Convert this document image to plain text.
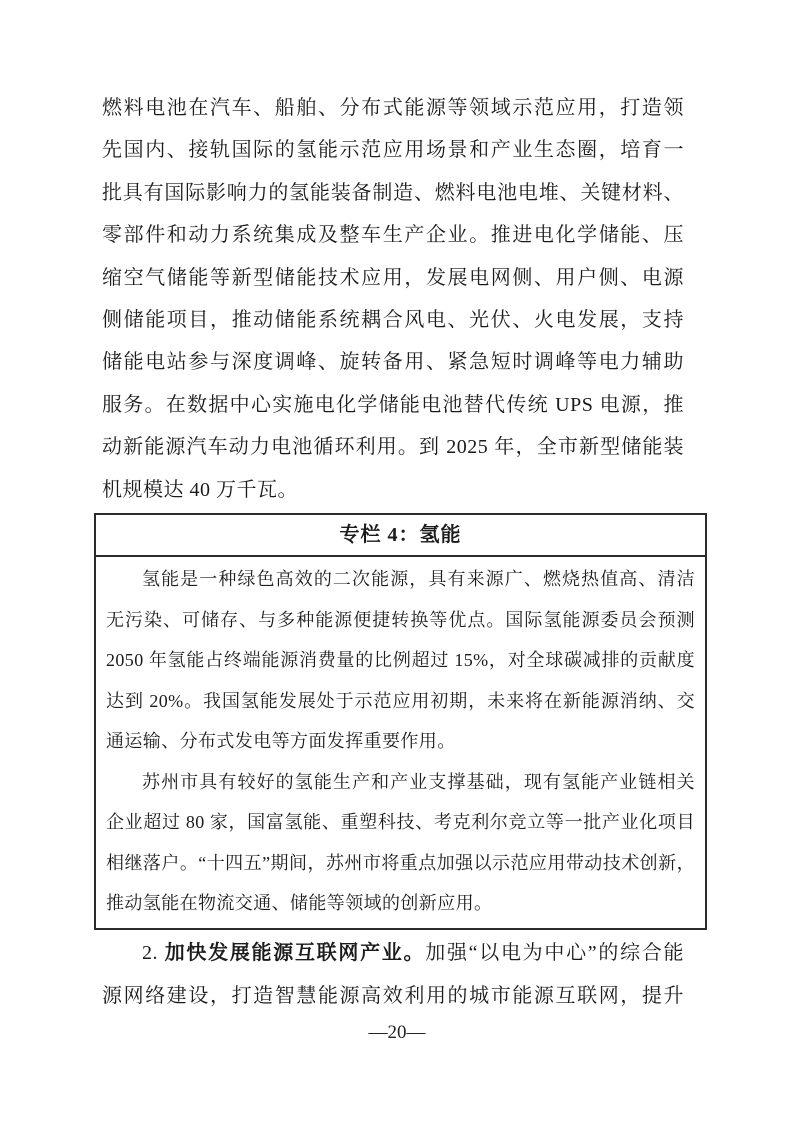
燃料电池在汽车、船舶、分布式能源等领域示范应用，打造领
先国内、接轨国际的氢能示范应用场景和产业生态圈，培育一
批具有国际影响力的氢能装备制造、燃料电池电堆、关键材料、
零部件和动力系统集成及整车生产企业。推进电化学储能、压
缩空气储能等新型储能技术应用，发展电网侧、用户侧、电源
侧储能项目，推动储能系统耦合风电、光伏、火电发展，支持
储能电站参与深度调峰、旋转备用、紧急短时调峰等电力辅助
服务。在数据中心实施电化学储能电池替代传统 UPS 电源，推
动新能源汽车动力电池循环利用。到 2025 年，全市新型储能装
机规模达 40 万千瓦。
专栏 4：氢能
氢能是一种绿色高效的二次能源，具有来源广、燃烧热值高、清洁
无污染、可储存、与多种能源便捷转换等优点。国际氢能源委员会预测
2050 年氢能占终端能源消费量的比例超过 15%，对全球碳减排的贡献度
达到 20%。我国氢能发展处于示范应用初期，未来将在新能源消纳、交
通运输、分布式发电等方面发挥重要作用。
苏州市具有较好的氢能生产和产业支撑基础，现有氢能产业链相关
企业超过 80 家，国富氢能、重塑科技、考克利尔竞立等一批产业化项目
相继落户。“十四五”期间，苏州市将重点加强以示范应用带动技术创新，
推动氢能在物流交通、储能等领域的创新应用。
2. 加快发展能源互联网产业。加强“以电为中心”的综合能
源网络建设，打造智慧能源高效利用的城市能源互联网，提升
—20—
